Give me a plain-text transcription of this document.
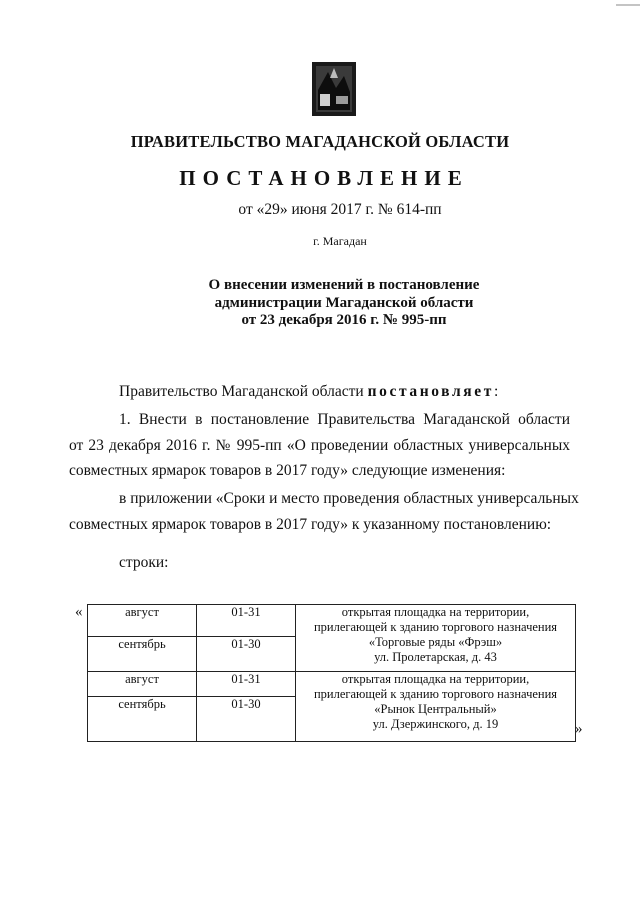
ПРАВИТЕЛЬСТВО МАГАДАНСКОЙ ОБЛАСТИ
ПОСТАНОВЛЕНИЕ
от «29» июня 2017 г. № 614-пп
г. Магадан
О внесении изменений в постановление
администрации Магаданской области
от 23 декабря 2016 г. № 995-пп
Правительство Магаданской области постановляет:
1. Внести в постановление Правительства Магаданской области
от 23 декабря 2016 г. № 995-пп «О проведении областных универсальных
совместных ярмарок товаров в 2017 году» следующие изменения:
в приложении «Сроки и место проведения областных универсальных
совместных ярмарок товаров в 2017 году» к указанному постановлению:
строки:
«
»
август	01-31	открытая площадка на территории,
прилегающей к зданию торгового назначения
«Торговые ряды «Фрэш»
ул. Пролетарская, д. 43

сентябрь	01-30	
август	01-31	открытая площадка на территории,
прилегающей к зданию торгового назначения
«Рынок Центральный»
ул. Дзержинского, д. 19

сентябрь	01-30	
